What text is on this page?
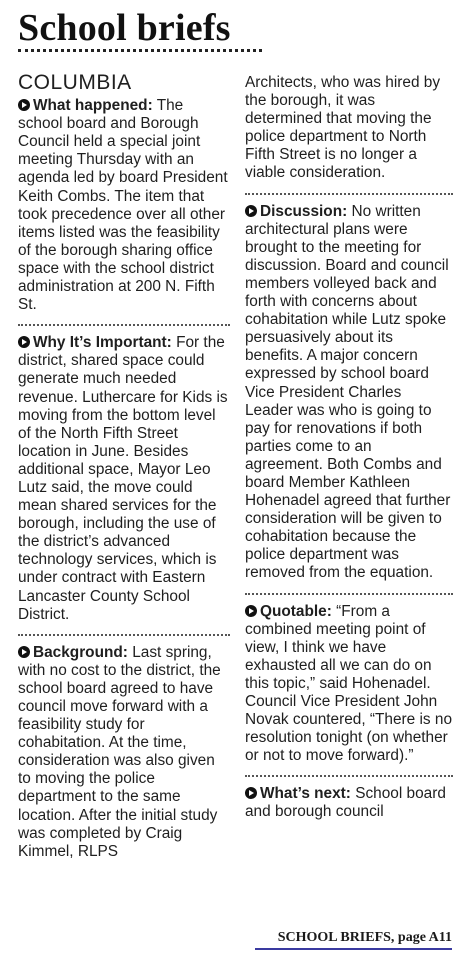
School briefs
COLUMBIA

What happened: The school board and Borough Council held a special joint meeting Thursday with an agenda led by board President Keith Combs. The item that took precedence over all other items listed was the feasibility of the borough sharing office space with the school district administration at 200 N. Fifth St.

Why It’s Important: For the district, shared space could generate much needed revenue. Luthercare for Kids is moving from the bottom level of the North Fifth Street location in June. Besides additional space, Mayor Leo Lutz said, the move could mean shared services for the borough, including the use of the district’s advanced technology services, which is under contract with Eastern Lancaster County School District.

Background: Last spring, with no cost to the district, the school board agreed to have council move forward with a feasibility study for cohabitation. At the time, consideration was also given to moving the police department to the same location. After the initial study was completed by Craig Kimmel, RLPS

Architects, who was hired by the borough, it was determined that moving the police department to North Fifth Street is no longer a viable consideration.

Discussion: No written architectural plans were brought to the meeting for discussion. Board and council members volleyed back and forth with concerns about cohabitation while Lutz spoke persuasively about its benefits. A major concern expressed by school board Vice President Charles Leader was who is going to pay for renovations if both parties come to an agreement. Both Combs and board Member Kathleen Hohenadel agreed that further consideration will be given to cohabitation because the police department was removed from the equation.

Quotable: “From a combined meeting point of view, I think we have exhausted all we can do on this topic,” said Hohenadel. Council Vice President John Novak countered, “There is no resolution tonight (on whether or not to move forward).”

What’s next: School board and borough council

SCHOOL BRIEFS, page A11
